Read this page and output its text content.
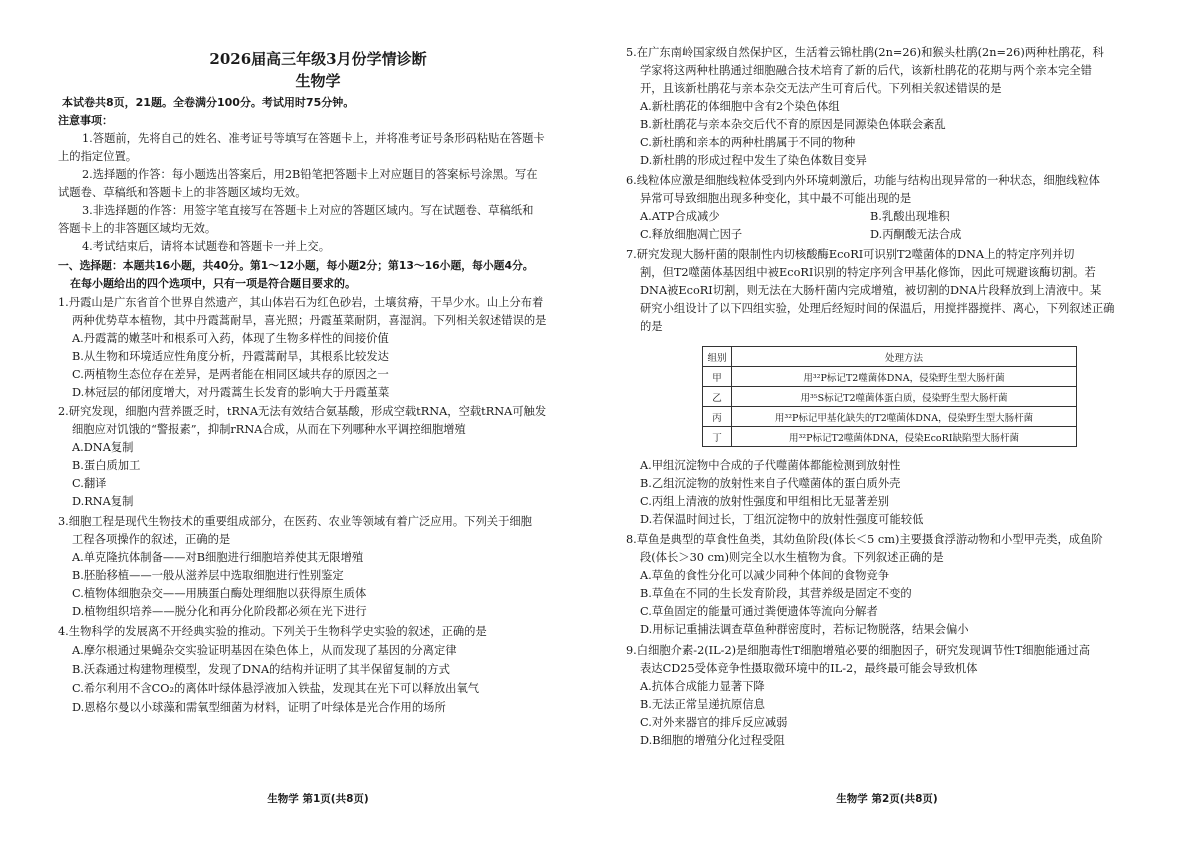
2026届高三年级3月份学情诊断
生物学
本试卷共8页，21题。全卷满分100分。考试用时75分钟。
注意事项：
1.答题前，先将自己的姓名、准考证号等填写在答题卡上，并将准考证号条形码粘贴在答题卡
上的指定位置。
2.选择题的作答：每小题选出答案后，用2B铅笔把答题卡上对应题目的答案标号涂黑。写在
试题卷、草稿纸和答题卡上的非答题区域均无效。
3.非选择题的作答：用签字笔直接写在答题卡上对应的答题区域内。写在试题卷、草稿纸和
答题卡上的非答题区域均无效。
4.考试结束后，请将本试题卷和答题卡一并上交。
一、选择题：本题共16小题，共40分。第1～12小题，每小题2分；第13～16小题，每小题4分。
在每小题给出的四个选项中，只有一项是符合题目要求的。
1.丹霞山是广东省首个世界自然遗产，其山体岩石为红色砂岩，土壤贫瘠，干旱少水。山上分布着
两种优势草本植物，其中丹霞蒿耐旱，喜光照；丹霞堇菜耐阴，喜湿润。下列相关叙述错误的是
A.丹霞蒿的嫩茎叶和根系可入药，体现了生物多样性的间接价值
B.从生物和环境适应性角度分析，丹霞蒿耐旱，其根系比较发达
C.两植物生态位存在差异，是两者能在相同区域共存的原因之一
D.林冠层的郁闭度增大，对丹霞蒿生长发育的影响大于丹霞堇菜
2.研究发现，细胞内营养匮乏时，tRNA无法有效结合氨基酸，形成空载tRNA，空载tRNA可触发
细胞应对饥饿的“警报素”，抑制rRNA合成，从而在下列哪种水平调控细胞增殖
A.DNA复制
B.蛋白质加工
C.翻译
D.RNA复制
3.细胞工程是现代生物技术的重要组成部分，在医药、农业等领域有着广泛应用。下列关于细胞
工程各项操作的叙述，正确的是
A.单克隆抗体制备——对B细胞进行细胞培养使其无限增殖
B.胚胎移植——一般从滋养层中选取细胞进行性别鉴定
C.植物体细胞杂交——用胰蛋白酶处理细胞以获得原生质体
D.植物组织培养——脱分化和再分化阶段都必须在光下进行
4.生物科学的发展离不开经典实验的推动。下列关于生物科学史实验的叙述，正确的是
A.摩尔根通过果蝇杂交实验证明基因在染色体上，从而发现了基因的分离定律
B.沃森通过构建物理模型，发现了DNA的结构并证明了其半保留复制的方式
C.希尔利用不含CO₂的离体叶绿体悬浮液加入铁盐，发现其在光下可以释放出氧气
D.恩格尔曼以小球藻和需氧型细菌为材料，证明了叶绿体是光合作用的场所
生物学 第1页(共8页)
5.在广东南岭国家级自然保护区，生活着云锦杜鹃(2n=26)和猴头杜鹃(2n=26)两种杜鹃花，科
学家将这两种杜鹃通过细胞融合技术培育了新的后代，该新杜鹃花的花期与两个亲本完全错
开，且该新杜鹃花与亲本杂交无法产生可育后代。下列相关叙述错误的是
A.新杜鹃花的体细胞中含有2个染色体组
B.新杜鹃花与亲本杂交后代不育的原因是同源染色体联会紊乱
C.新杜鹃和亲本的两种杜鹃属于不同的物种
D.新杜鹃的形成过程中发生了染色体数目变异
6.线粒体应激是细胞线粒体受到内外环境刺激后，功能与结构出现异常的一种状态，细胞线粒体
异常可导致细胞出现多种变化，其中最不可能出现的是
A.ATP合成减少	B.乳酸出现堆积
C.释放细胞凋亡因子	D.丙酮酸无法合成
7.研究发现大肠杆菌的限制性内切核酸酶EcoRⅠ可识别T2噬菌体的DNA上的特定序列并切
割，但T2噬菌体基因组中被EcoRⅠ识别的特定序列含甲基化修饰，因此可规避该酶切割。若
DNA被EcoRⅠ切割，则无法在大肠杆菌内完成增殖，被切割的DNA片段释放到上清液中。某
研究小组设计了以下四组实验，处理后经短时间的保温后，用搅拌器搅拌、离心，下列叙述正确
的是
组别	处理方法
甲	用³²P标记T2噬菌体DNA，侵染野生型大肠杆菌
乙	用³⁵S标记T2噬菌体蛋白质，侵染野生型大肠杆菌
丙	用³²P标记甲基化缺失的T2噬菌体DNA，侵染野生型大肠杆菌
丁	用³²P标记T2噬菌体DNA，侵染EcoRⅠ缺陷型大肠杆菌
A.甲组沉淀物中合成的子代噬菌体都能检测到放射性
B.乙组沉淀物的放射性来自子代噬菌体的蛋白质外壳
C.丙组上清液的放射性强度和甲组相比无显著差别
D.若保温时间过长，丁组沉淀物中的放射性强度可能较低
8.草鱼是典型的草食性鱼类，其幼鱼阶段(体长＜5 cm)主要摄食浮游动物和小型甲壳类，成鱼阶
段(体长＞30 cm)则完全以水生植物为食。下列叙述正确的是
A.草鱼的食性分化可以减少同种个体间的食物竞争
B.草鱼在不同的生长发育阶段，其营养级是固定不变的
C.草鱼固定的能量可通过粪便遗体等流向分解者
D.用标记重捕法调查草鱼种群密度时，若标记物脱落，结果会偏小
9.白细胞介素-2(IL-2)是细胞毒性T细胞增殖必要的细胞因子，研究发现调节性T细胞能通过高
表达CD25受体竞争性摄取微环境中的IL-2，最终最可能会导致机体
A.抗体合成能力显著下降
B.无法正常呈递抗原信息
C.对外来器官的排斥反应减弱
D.B细胞的增殖分化过程受阻
生物学 第2页(共8页)
